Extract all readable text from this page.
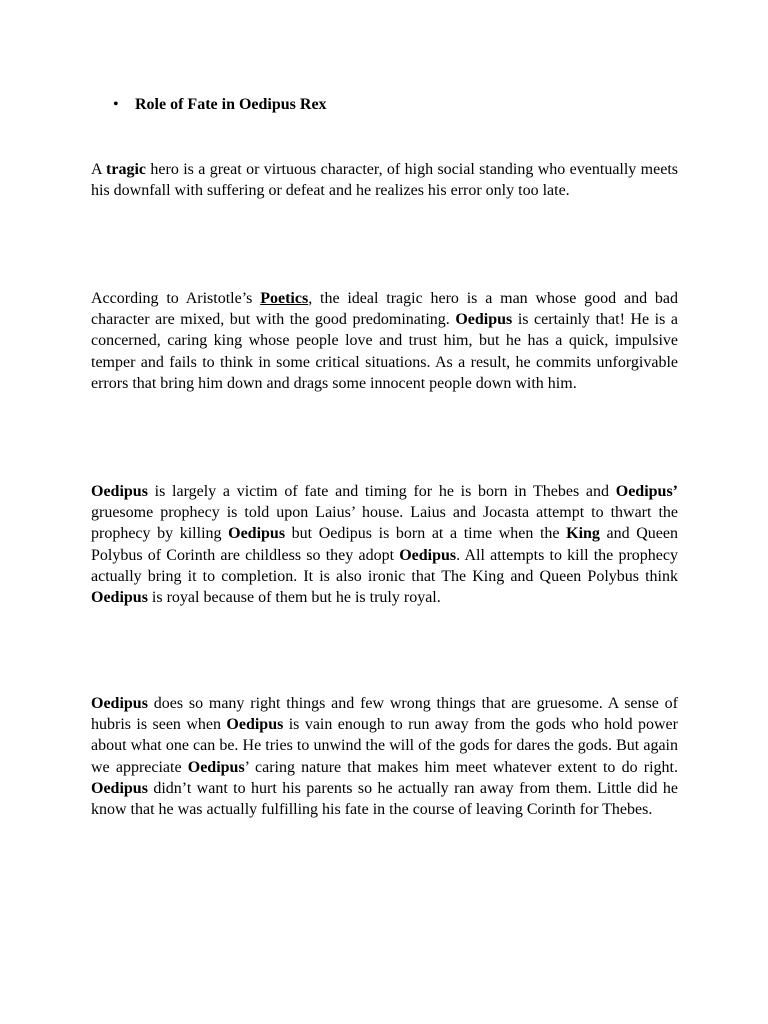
• Role of Fate in Oedipus Rex

A tragic hero is a great or virtuous character, of high social standing who eventually meets his downfall with suffering or defeat and he realizes his error only too late.

According to Aristotle’s Poetics, the ideal tragic hero is a man whose good and bad character are mixed, but with the good predominating. Oedipus is certainly that! He is a concerned, caring king whose people love and trust him, but he has a quick, impulsive temper and fails to think in some critical situations. As a result, he commits unforgivable errors that bring him down and drags some innocent people down with him.

Oedipus is largely a victim of fate and timing for he is born in Thebes and Oedipus’ gruesome prophecy is told upon Laius’ house. Laius and Jocasta attempt to thwart the prophecy by killing Oedipus but Oedipus is born at a time when the King and Queen Polybus of Corinth are childless so they adopt Oedipus. All attempts to kill the prophecy actually bring it to completion. It is also ironic that The King and Queen Polybus think Oedipus is royal because of them but he is truly royal.

Oedipus does so many right things and few wrong things that are gruesome. A sense of hubris is seen when Oedipus is vain enough to run away from the gods who hold power about what one can be. He tries to unwind the will of the gods for dares the gods. But again we appreciate Oedipus’ caring nature that makes him meet whatever extent to do right. Oedipus didn’t want to hurt his parents so he actually ran away from them. Little did he know that he was actually fulfilling his fate in the course of leaving Corinth for Thebes.
